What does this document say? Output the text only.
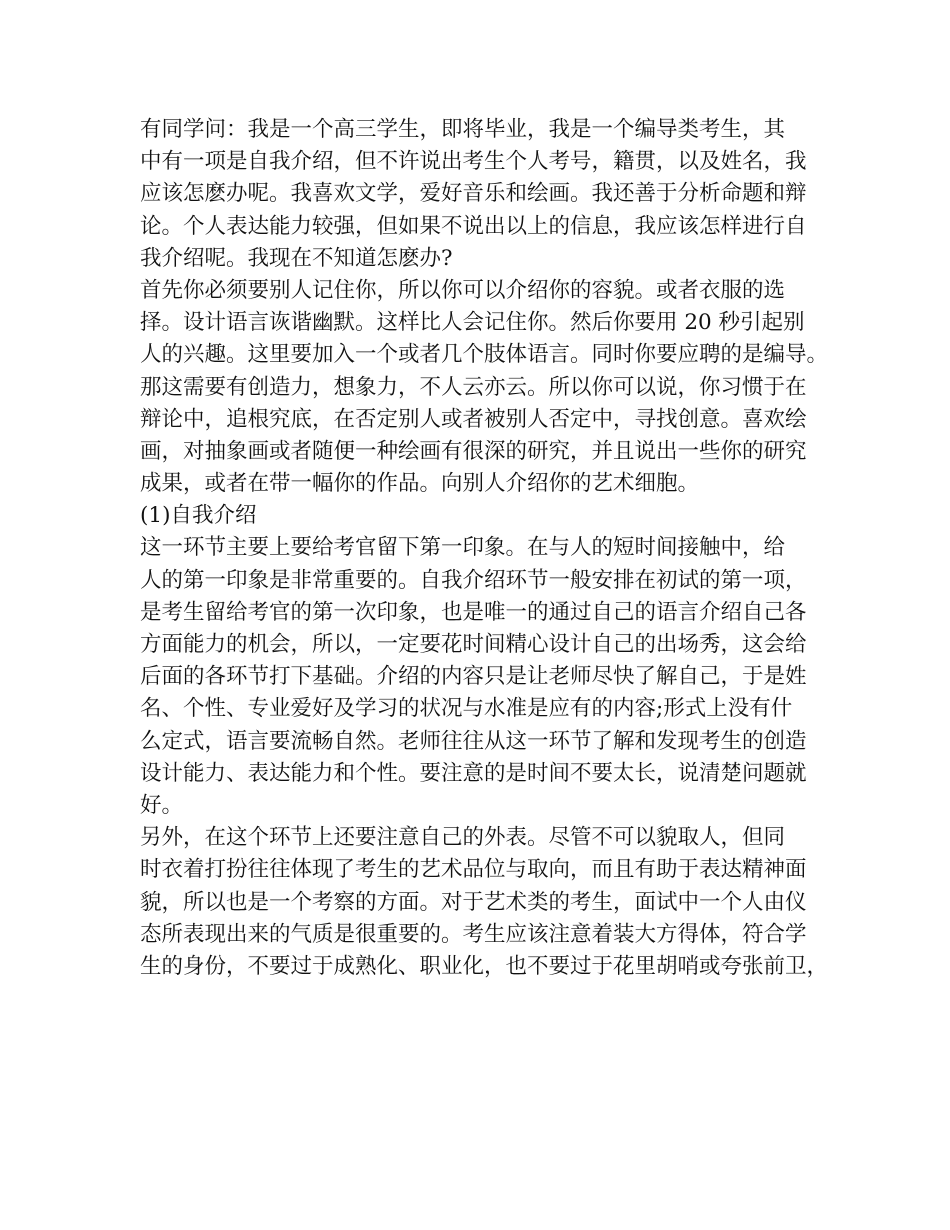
有同学问：我是一个高三学生，即将毕业，我是一个编导类考生，其
中有一项是自我介绍，但不许说出考生个人考号，籍贯，以及姓名，我
应该怎麽办呢。我喜欢文学，爱好音乐和绘画。我还善于分析命题和辩
论。个人表达能力较强，但如果不说出以上的信息，我应该怎样进行自
我介绍呢。我现在不知道怎麽办?
首先你必须要别人记住你，所以你可以介绍你的容貌。或者衣服的选
择。设计语言诙谐幽默。这样比人会记住你。然后你要用 20 秒引起别
人的兴趣。这里要加入一个或者几个肢体语言。同时你要应聘的是编导。
那这需要有创造力，想象力，不人云亦云。所以你可以说，你习惯于在
辩论中，追根究底，在否定别人或者被别人否定中，寻找创意。喜欢绘
画，对抽象画或者随便一种绘画有很深的研究，并且说出一些你的研究
成果，或者在带一幅你的作品。向别人介绍你的艺术细胞。
(1)自我介绍
这一环节主要上要给考官留下第一印象。在与人的短时间接触中，给
人的第一印象是非常重要的。自我介绍环节一般安排在初试的第一项，
是考生留给考官的第一次印象，也是唯一的通过自己的语言介绍自己各
方面能力的机会，所以，一定要花时间精心设计自己的出场秀，这会给
后面的各环节打下基础。介绍的内容只是让老师尽快了解自己，于是姓
名、个性、专业爱好及学习的状况与水准是应有的内容;形式上没有什
么定式，语言要流畅自然。老师往往从这一环节了解和发现考生的创造
设计能力、表达能力和个性。要注意的是时间不要太长，说清楚问题就
好。
另外，在这个环节上还要注意自己的外表。尽管不可以貌取人，但同
时衣着打扮往往体现了考生的艺术品位与取向，而且有助于表达精神面
貌，所以也是一个考察的方面。对于艺术类的考生，面试中一个人由仪
态所表现出来的气质是很重要的。考生应该注意着装大方得体，符合学
生的身份，不要过于成熟化、职业化，也不要过于花里胡哨或夸张前卫，
